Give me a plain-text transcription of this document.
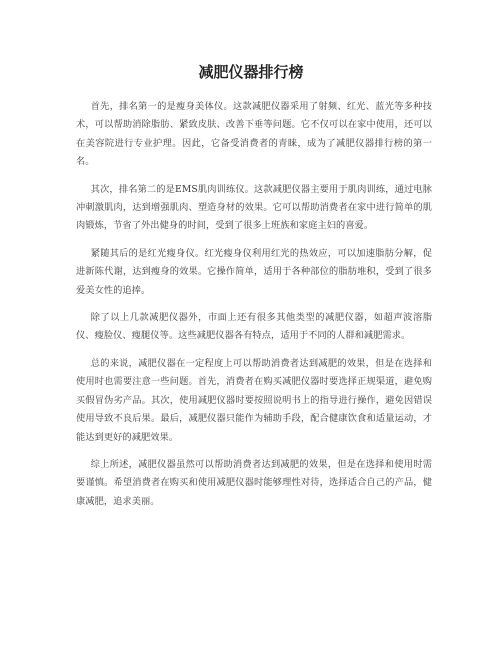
减肥仪器排行榜

首先，排名第一的是瘦身美体仪。这款减肥仪器采用了射频、红光、蓝光等多种技术，可以帮助消除脂肪、紧致皮肤、改善下垂等问题。它不仅可以在家中使用，还可以在美容院进行专业护理。因此，它备受消费者的青睐，成为了减肥仪器排行榜的第一名。

其次，排名第二的是EMS肌肉训练仪。这款减肥仪器主要用于肌肉训练，通过电脉冲刺激肌肉，达到增强肌肉、塑造身材的效果。它可以帮助消费者在家中进行简单的肌肉锻炼，节省了外出健身的时间，受到了很多上班族和家庭主妇的喜爱。

紧随其后的是红光瘦身仪。红光瘦身仪利用红光的热效应，可以加速脂肪分解，促进新陈代谢，达到瘦身的效果。它操作简单，适用于各种部位的脂肪堆积，受到了很多爱美女性的追捧。

除了以上几款减肥仪器外，市面上还有很多其他类型的减肥仪器，如超声波溶脂仪、瘦脸仪、瘦腿仪等。这些减肥仪器各有特点，适用于不同的人群和减肥需求。

总的来说，减肥仪器在一定程度上可以帮助消费者达到减肥的效果，但是在选择和使用时也需要注意一些问题。首先，消费者在购买减肥仪器时要选择正规渠道，避免购买假冒伪劣产品。其次，使用减肥仪器时要按照说明书上的指导进行操作，避免因错误使用导致不良后果。最后，减肥仪器只能作为辅助手段，配合健康饮食和适量运动，才能达到更好的减肥效果。

综上所述，减肥仪器虽然可以帮助消费者达到减肥的效果，但是在选择和使用时需要谨慎。希望消费者在购买和使用减肥仪器时能够理性对待，选择适合自己的产品，健康减肥，追求美丽。
